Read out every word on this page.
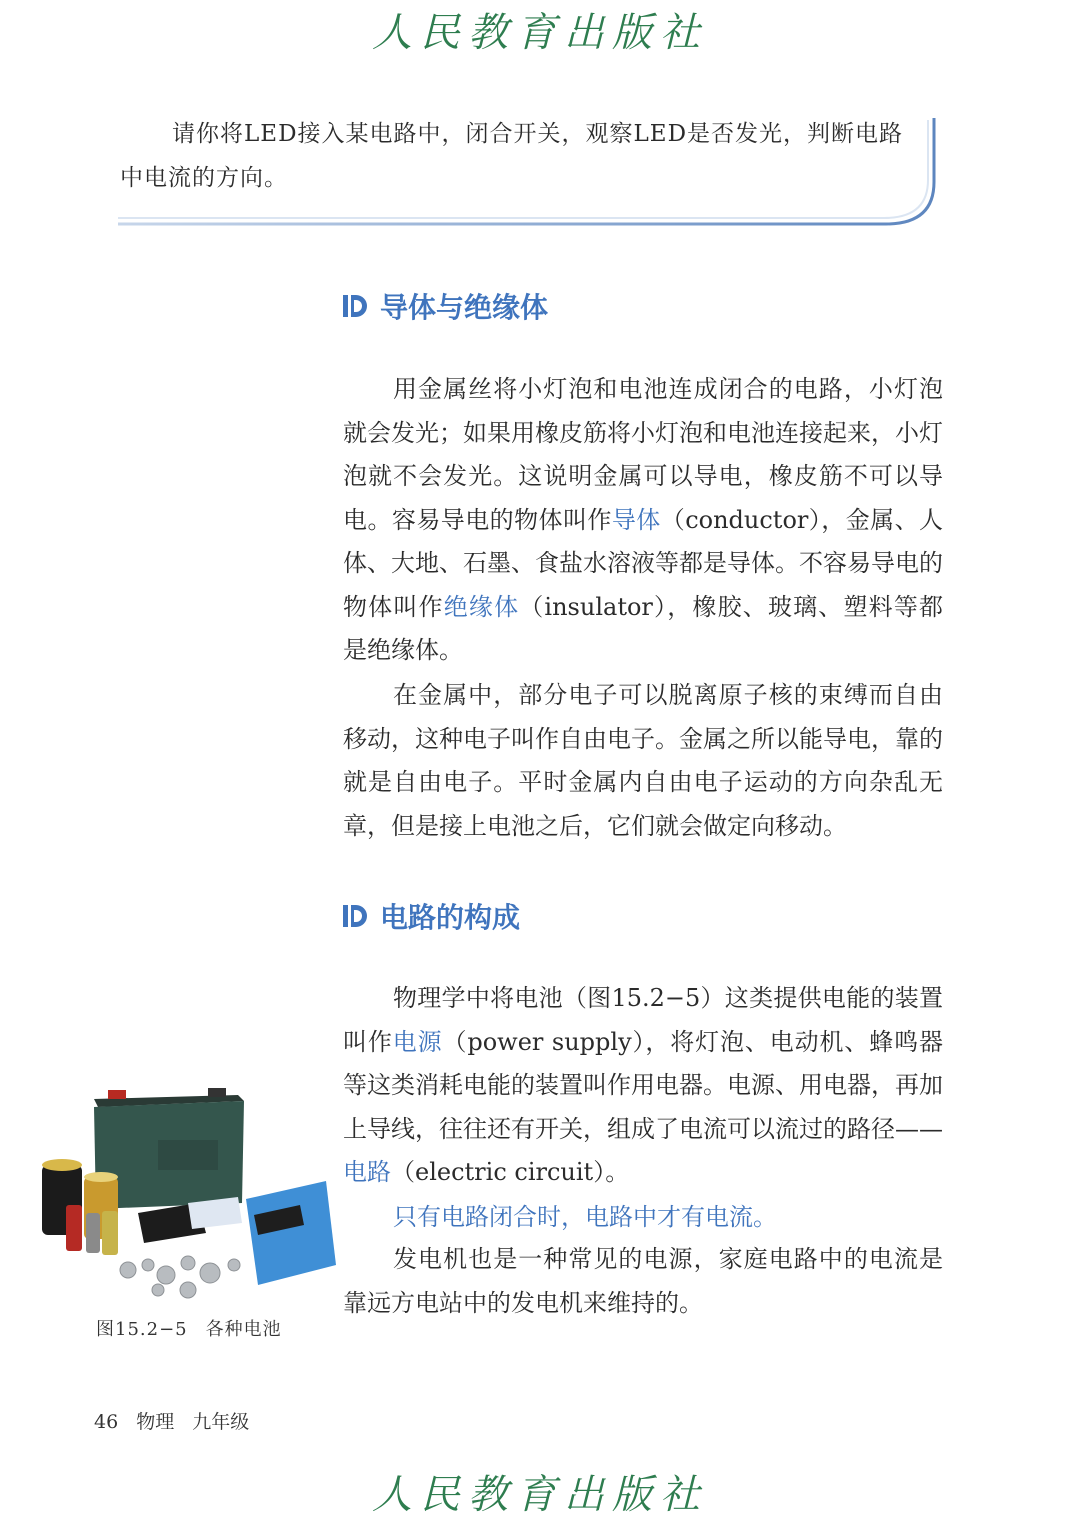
人民教育出版社
请你将LED接入某电路中，闭合开关，观察LED是否发光，判断电路中电流的方向。
导体与绝缘体
用金属丝将小灯泡和电池连成闭合的电路，小灯泡就会发光；如果用橡皮筋将小灯泡和电池连接起来，小灯泡就不会发光。这说明金属可以导电，橡皮筋不可以导电。容易导电的物体叫作导体（conductor），金属、人体、大地、石墨、食盐水溶液等都是导体。不容易导电的物体叫作绝缘体（insulator），橡胶、玻璃、塑料等都是绝缘体。
在金属中，部分电子可以脱离原子核的束缚而自由移动，这种电子叫作自由电子。金属之所以能导电，靠的就是自由电子。平时金属内自由电子运动的方向杂乱无章，但是接上电池之后，它们就会做定向移动。
电路的构成
物理学中将电池（图15.2−5）这类提供电能的装置叫作电源（power supply），将灯泡、电动机、蜂鸣器等这类消耗电能的装置叫作用电器。电源、用电器，再加上导线，往往还有开关，组成了电流可以流过的路径——电路（electric circuit）。
只有电路闭合时，电路中才有电流。
发电机也是一种常见的电源，家庭电路中的电流是靠远方电站中的发电机来维持的。
图15.2−5 各种电池
46 物理 九年级
人民教育出版社
